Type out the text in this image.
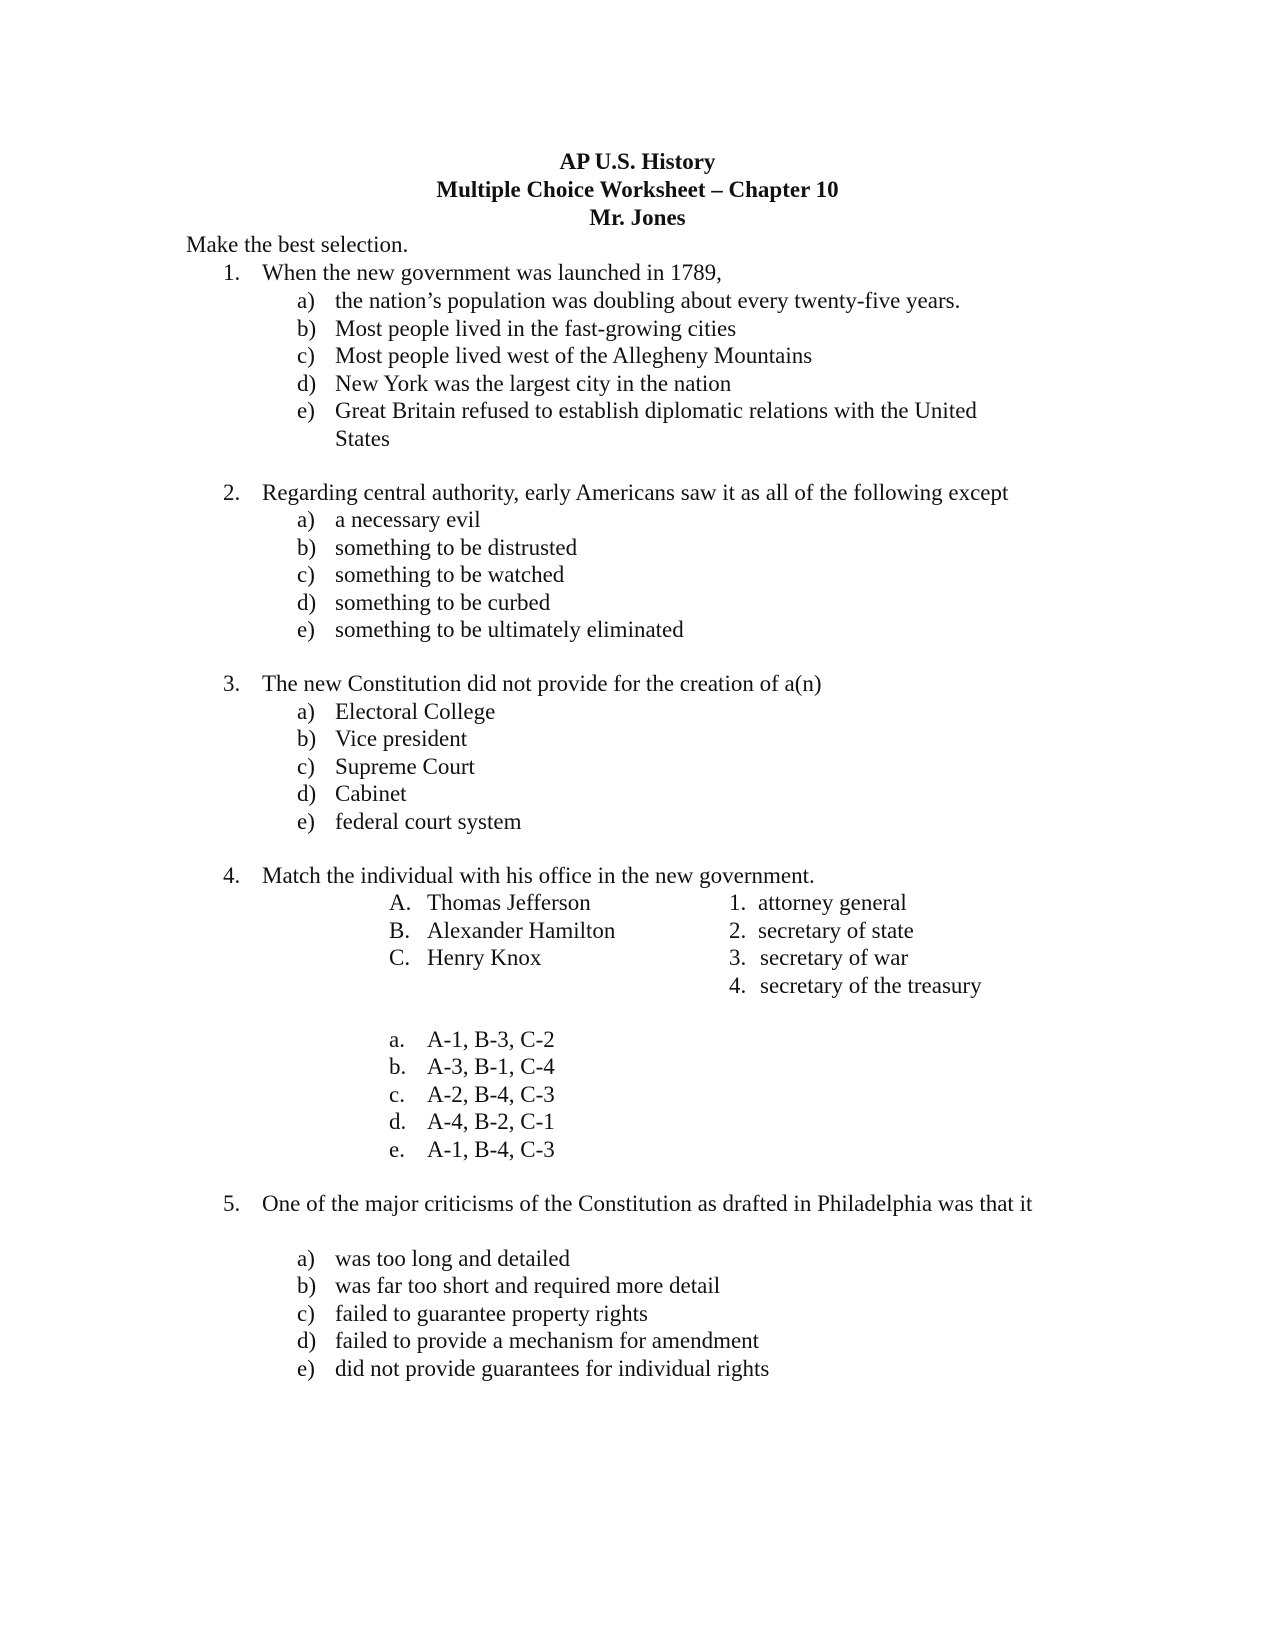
AP U.S. History
Multiple Choice Worksheet – Chapter 10
Mr. Jones
Make the best selection.
1. When the new government was launched in 1789,
a) the nation’s population was doubling about every twenty-five years.
b) Most people lived in the fast-growing cities
c) Most people lived west of the Allegheny Mountains
d) New York was the largest city in the nation
e) Great Britain refused to establish diplomatic relations with the United States
2. Regarding central authority, early Americans saw it as all of the following except
a) a necessary evil
b) something to be distrusted
c) something to be watched
d) something to be curbed
e) something to be ultimately eliminated
3. The new Constitution did not provide for the creation of a(n)
a) Electoral College
b) Vice president
c) Supreme Court
d) Cabinet
e) federal court system
4. Match the individual with his office in the new government.
A. Thomas Jefferson
B. Alexander Hamilton
C. Henry Knox
1. attorney general
2. secretary of state
3. secretary of war
4. secretary of the treasury
a. A-1, B-3, C-2
b. A-3, B-1, C-4
c. A-2, B-4, C-3
d. A-4, B-2, C-1
e. A-1, B-4, C-3
5. One of the major criticisms of the Constitution as drafted in Philadelphia was that it
a) was too long and detailed
b) was far too short and required more detail
c) failed to guarantee property rights
d) failed to provide a mechanism for amendment
e) did not provide guarantees for individual rights
